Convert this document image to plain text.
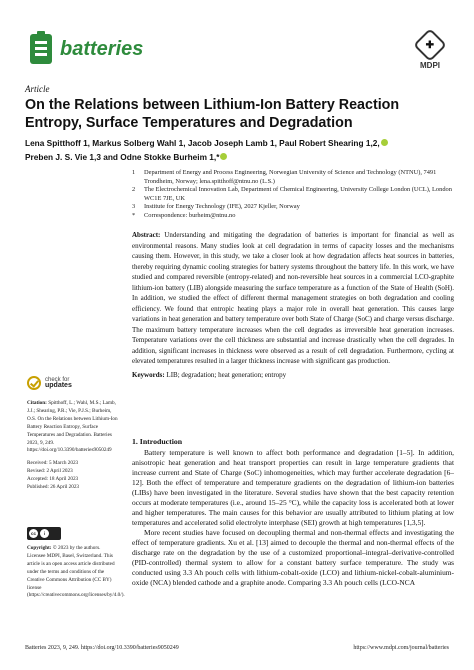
batteries	✚
MDPI
Article
On the Relations between Lithium-Ion Battery Reaction Entropy, Surface Temperatures and Degradation
Lena Spitthoff 1, Markus Solberg Wahl 1, Jacob Joseph Lamb 1, Paul Robert Shearing 1,2,
Preben J. S. Vie 1,3 and Odne Stokke Burheim 1,*
1	Department of Energy and Process Engineering, Norwegian University of Science and Technology (NTNU), 7491 Trondheim, Norway; lena.spitthoff@ntnu.no (L.S.)
2	The Electrochemical Innovation Lab, Department of Chemical Engineering, University College London (UCL), London WC1E 7JE, UK
3	Institute for Energy Technology (IFE), 2027 Kjeller, Norway
*	Correspondence: burheim@ntnu.no
Abstract: Understanding and mitigating the degradation of batteries is important for financial as well as environmental reasons. Many studies look at cell degradation in terms of capacity losses and the mechanisms causing them. However, in this study, we take a closer look at how degradation affects heat sources in batteries, thereby requiring dynamic cooling strategies for battery systems throughout the battery life. In this work, we have studied and compared reversible (entropy-related) and non-reversible heat sources in a commercial LCO-graphite lithium-ion battery (LIB) alongside measuring the surface temperature as a function of the State of Health (SoH). In addition, we studied the effect of different thermal management strategies on both degradation and cooling efficiency. We found that entropic heating plays a major role in overall heat generation. This causes large variations in heat generation and battery temperature over both State of Charge (SoC) and charge versus discharge. The maximum battery temperature increases when the cell degrades as irreversible heat generation increases. Temperature variations over the cell thickness are substantial and increase drastically when the cell degrades. In addition, significant increases in thickness were observed as a result of cell degradation. Furthermore, cycling at elevated temperatures resulted in a larger thickness increase with significant gas production.
Keywords: LIB; degradation; heat generation; entropy
check for
updates
Citation: Spitthoff, L.; Wahl, M.S.; Lamb, J.J.; Shearing, P.R.; Vie, P.J.S.; Burheim, O.S. On the Relations between Lithium-Ion Battery Reaction Entropy, Surface Temperatures and Degradation. Batteries 2023, 9, 249. https://doi.org/10.3390/batteries9050249
Received: 5 March 2023
Revised: 2 April 2023
Accepted: 18 April 2023
Published: 26 April 2023
cc	i
Copyright: © 2023 by the authors. Licensee MDPI, Basel, Switzerland. This article is an open access article distributed under the terms and conditions of the Creative Commons Attribution (CC BY) license (https://creativecommons.org/licenses/by/4.0/).
1. Introduction

Battery temperature is well known to affect both performance and degradation [1–5]. In addition, anisotropic heat generation and heat transport properties can result in large temperature gradients that increase current and State of Charge (SoC) inhomogeneities, which may further accelerate degradation [6–12]. Both the effect of temperature and temperature gradients on the degradation of lithium-ion batteries (LIBs) have been investigated in the literature. Several studies have shown that the best capacity retention occurs at moderate temperatures (i.e., around 15–25 °C), while the capacity loss is accelerated both at lower and higher temperatures. The main causes for this behavior are usually attributed to lithium plating at low temperatures and accelerated solid electrolyte interphase (SEI) growth at high temperatures [1,3,5].

More recent studies have focused on decoupling thermal and non-thermal effects and investigating the effect of temperature gradients. Xu et al. [13] aimed to decouple the thermal and non-thermal effects of the discharge rate on the degradation by the use of a customized proportional–integral–derivative-controlled (PID-controlled) thermal system to allow for a constant battery surface temperature. The study was conducted using 3.3 Ah pouch cells with lithium-cobalt-oxide (LCO) and lithium-nickel-cobalt-aluminium-oxide (NCA) blended cathode and a graphite anode. Comparing 3.3 Ah pouch cells (LCO-NCA

Batteries 2023, 9, 249. https://doi.org/10.3390/batteries9050249	https://www.mdpi.com/journal/batteries
